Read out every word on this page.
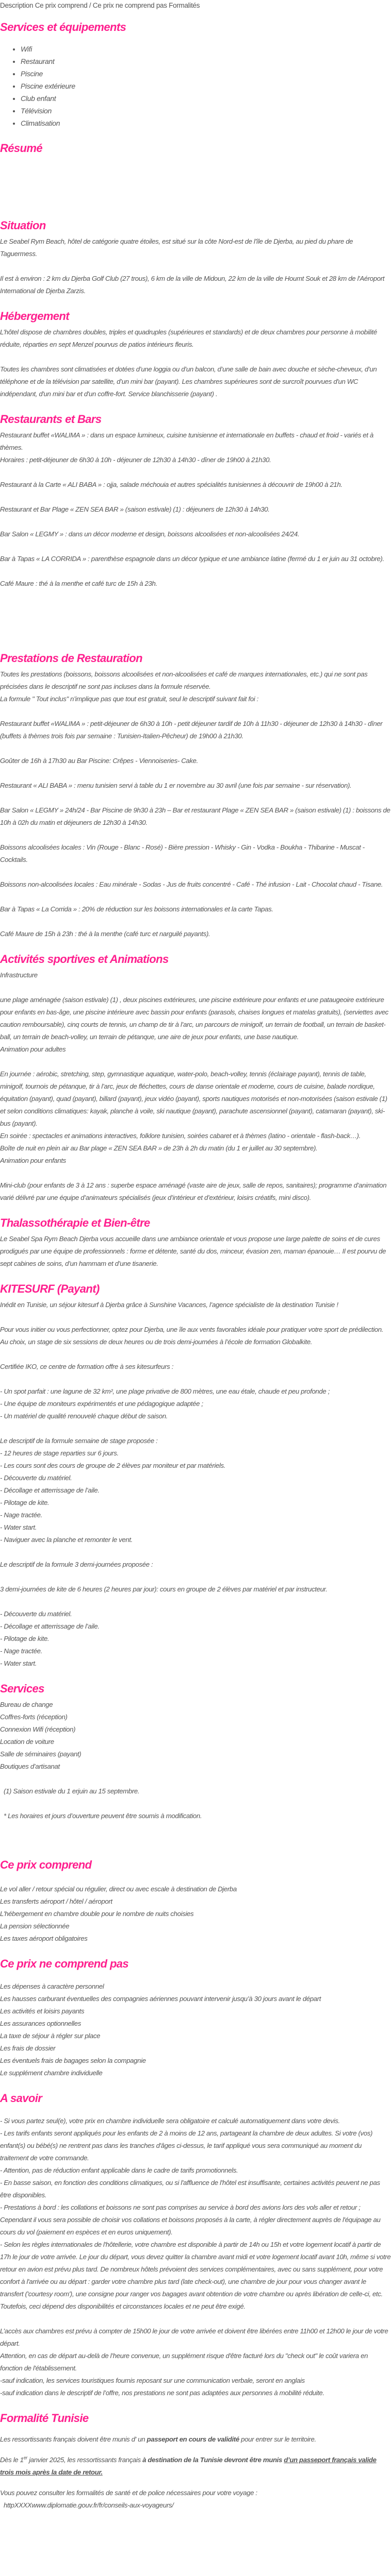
Description Ce prix comprend / Ce prix ne comprend pas Formalités
Services et équipements
• Wifi
• Restaurant
• Piscine
• Piscine extérieure
• Club enfant
• Télévision
• Climatisation
Résumé
Situation
Le Seabel Rym Beach, hôtel de catégorie quatre étoiles, est situé sur la côte Nord-est de l'île de Djerba, au pied du phare de Taguermess.
Il est à environ : 2 km du Djerba Golf Club (27 trous), 6 km de la ville de Midoun, 22 km de la ville de Houmt Souk et 28 km de l'Aéroport International de Djerba Zarzis.
Hébergement
L’hôtel dispose de chambres doubles, triples et quadruples (supérieures et standards) et de deux chambres pour personne à mobilité réduite, réparties en sept Menzel pourvus de patios intérieurs fleuris.
Toutes les chambres sont climatisées et dotées d’une loggia ou d’un balcon, d’une salle de bain avec douche et sèche-cheveux, d’un téléphone et de la télévision par satellite, d’un mini bar (payant). Les chambres supérieures sont de surcroît pourvues d'un WC indépendant, d'un mini bar et d'un coffre-fort. Service blanchisserie (payant) .
Restaurants et Bars
Restaurant buffet «WALIMA » : dans un espace lumineux, cuisine tunisienne et internationale en buffets - chaud et froid - variés et à thèmes.
Horaires : petit-déjeuner de 6h30 à 10h - déjeuner de 12h30 à 14h30 - dîner de 19h00 à 21h30.
Restaurant à la Carte « ALI BABA » : ojja, salade méchouia et autres spécialités tunisiennes à découvrir de 19h00 à 21h.
Restaurant et Bar Plage « ZEN SEA BAR » (saison estivale) (1) : déjeuners de 12h30 à 14h30.
Bar Salon « LEGMY » : dans un décor moderne et design, boissons alcoolisées et non-alcoolisées 24/24.
Bar à Tapas « LA CORRIDA » : parenthèse espagnole dans un décor typique et une ambiance latine (fermé du 1 er juin au 31 octobre).
Café Maure : thé à la menthe et café turc de 15h à 23h.
Prestations de Restauration
Toutes les prestations (boissons, boissons alcoolisées et non-alcoolisées et café de marques internationales, etc.) qui ne sont pas précisées dans le descriptif ne sont pas incluses dans la formule réservée.
La formule " Tout inclus" n’implique pas que tout est gratuit, seul le descriptif suivant fait foi :
Restaurant buffet «WALIMA » : petit-déjeuner de 6h30 à 10h - petit déjeuner tardif de 10h à 11h30 - déjeuner de 12h30 à 14h30 - dîner (buffets à thèmes trois fois par semaine : Tunisien-Italien-Pêcheur) de 19h00 à 21h30.
Goûter de 16h à 17h30 au Bar Piscine: Crêpes - Viennoiseries- Cake.
Restaurant « ALI BABA » : menu tunisien servi à table du 1 er novembre au 30 avril (une fois par semaine - sur réservation).
Bar Salon « LEGMY » 24h/24 - Bar Piscine de 9h30 à 23h – Bar et restaurant Plage « ZEN SEA BAR » (saison estivale) (1) : boissons de 10h à 02h du matin et déjeuners de 12h30 à 14h30.
Boissons alcoolisées locales : Vin (Rouge - Blanc - Rosé) - Bière pression - Whisky - Gin - Vodka - Boukha - Thibarine - Muscat - Cocktails.
Boissons non-alcoolisées locales : Eau minérale - Sodas - Jus de fruits concentré - Café - Thé infusion - Lait - Chocolat chaud - Tisane.
Bar à Tapas « La Corrida » : 20% de réduction sur les boissons internationales et la carte Tapas.
Café Maure de 15h à 23h : thé à la menthe (café turc et narguilé payants).
Activités sportives et Animations
Infrastructure
une plage aménagée (saison estivale) (1) , deux piscines extérieures, une piscine extérieure pour enfants et une pataugeoire extérieure pour enfants en bas-âge, une piscine intérieure avec bassin pour enfants (parasols, chaises longues et matelas gratuits), (serviettes avec caution remboursable), cinq courts de tennis, un champ de tir à l’arc, un parcours de minigolf, un terrain de football, un terrain de basket-ball, un terrain de beach-volley, un terrain de pétanque, une aire de jeux pour enfants, une base nautique.
Animation pour adultes
En journée : aérobic, stretching, step, gymnastique aquatique, water-polo, beach-volley, tennis (éclairage payant), tennis de table, minigolf, tournois de pétanque, tir à l’arc, jeux de fléchettes, cours de danse orientale et moderne, cours de cuisine, balade nordique, équitation (payant), quad (payant), billard (payant), jeux vidéo (payant), sports nautiques motorisés et non-motorisées (saison estivale (1) et selon conditions climatiques: kayak, planche à voile, ski nautique (payant), parachute ascensionnel (payant), catamaran (payant), ski-bus (payant).
En soirée : spectacles et animations interactives, folklore tunisien, soirées cabaret et à thèmes (latino - orientale - flash-back…).
Boîte de nuit en plein air au Bar plage « ZEN SEA BAR » de 23h à 2h du matin (du 1 er juillet au 30 septembre).
Animation pour enfants
Mini-club (pour enfants de 3 à 12 ans : superbe espace aménagé (vaste aire de jeux, salle de repos, sanitaires); programme d’animation varié délivré par une équipe d’animateurs spécialisés (jeux d’intérieur et d’extérieur, loisirs créatifs, mini disco).
Thalassothérapie et Bien-être
Le Seabel Spa Rym Beach Djerba vous accueille dans une ambiance orientale et vous propose une large palette de soins et de cures prodigués par une équipe de professionnels : forme et détente, santé du dos, minceur, évasion zen, maman épanouie… Il est pourvu de sept cabines de soins, d’un hammam et d’une tisanerie.
KITESURF (Payant)
Inédit en Tunisie, un séjour kitesurf à Djerba grâce à Sunshine Vacances, l’agence spécialiste de la destination Tunisie !
Pour vous initier ou vous perfectionner, optez pour Djerba, une île aux vents favorables idéale pour pratiquer votre sport de prédilection. Au choix, un stage de six sessions de deux heures ou de trois demi-journées à l’école de formation Globalkite.
Certifiée IKO, ce centre de formation offre à ses kitesurfeurs :
- Un spot parfait : une lagune de 32 km², une plage privative de 800 mètres, une eau étale, chaude et peu profonde ;
- Une équipe de moniteurs expérimentés et une pédagogique adaptée ;
- Un matériel de qualité renouvelé chaque début de saison.
Le descriptif de la formule semaine de stage proposée :
- 12 heures de stage reparties sur 6 jours.
- Les cours sont des cours de groupe de 2 élèves par moniteur et par matériels.
- Découverte du matériel.
- Décollage et atterrissage de l’aile.
- Pilotage de kite.
- Nage tractée.
- Water start.
- Naviguer avec la planche et remonter le vent.
Le descriptif de la formule 3 demi-journées proposée :
3 demi-journées de kite de 6 heures (2 heures par jour): cours en groupe de 2 élèves par matériel et par instructeur.
- Découverte du matériel.
- Décollage et atterrissage de l’aile.
- Pilotage de kite.
- Nage tractée.
- Water start.
Services
Bureau de change
Coffres-forts (réception)
Connexion Wifi (réception)
Location de voiture
Salle de séminaires (payant)
Boutiques d’artisanat
(1) Saison estivale du 1 erjuin au 15 septembre.
* Les horaires et jours d’ouverture peuvent être soumis à modification.
Ce prix comprend
Le vol aller / retour spécial ou régulier, direct ou avec escale à destination de Djerba
Les transferts aéroport / hôtel / aéroport
L'hébergement en chambre double pour le nombre de nuits choisies
La pension sélectionnée
Les taxes aéroport obligatoires
Ce prix ne comprend pas
Les dépenses à caractère personnel
Les hausses carburant éventuelles des compagnies aériennes pouvant intervenir jusqu’à 30 jours avant le départ
Les activités et loisirs payants
Les assurances optionnelles
La taxe de séjour à régler sur place
Les frais de dossier
Les éventuels frais de bagages selon la compagnie
Le supplément chambre individuelle
A savoir
- Si vous partez seul(e), votre prix en chambre individuelle sera obligatoire et calculé automatiquement dans votre devis.
- Les tarifs enfants seront appliqués pour les enfants de 2 à moins de 12 ans, partageant la chambre de deux adultes. Si votre (vos) enfant(s) ou bébé(s) ne rentrent pas dans les tranches d'âges ci-dessus, le tarif appliqué vous sera communiqué au moment du traitement de votre commande.
- Attention, pas de réduction enfant applicable dans le cadre de tarifs promotionnels.
- En basse saison, en fonction des conditions climatiques, ou si l'affluence de l'hôtel est insuffisante, certaines activités peuvent ne pas être disponibles.
- Prestations à bord : les collations et boissons ne sont pas comprises au service à bord des avions lors des vols aller et retour ; Cependant il vous sera possible de choisir vos collations et boissons proposés à la carte, à régler directement auprès de l'équipage au cours du vol (paiement en espèces et en euros uniquement).
- Selon les règles internationales de l'hôtellerie, votre chambre est disponible à partir de 14h ou 15h et votre logement locatif à partir de 17h le jour de votre arrivée. Le jour du départ, vous devez quitter la chambre avant midi et votre logement locatif avant 10h, même si votre retour en avion est prévu plus tard. De nombreux hôtels prévoient des services complémentaires, avec ou sans supplément, pour votre confort à l'arrivée ou au départ : garder votre chambre plus tard (late check-out), une chambre de jour pour vous changer avant le transfert ('courtesy room'), une consigne pour ranger vos bagages avant obtention de votre chambre ou après libération de celle-ci, etc. Toutefois, ceci dépend des disponibilités et circonstances locales et ne peut être exigé.
L’accès aux chambres est prévu à compter de 15h00 le jour de votre arrivée et doivent être libérées entre 11h00 et 12h00 le jour de votre départ.
Attention, en cas de départ au-delà de l’heure convenue, un supplément risque d'être facturé lors du "check out" le coût variera en fonction de l'établissement.
-sauf indication, les services touristiques fournis reposant sur une communication verbale, seront en anglais
-sauf indication dans le descriptif de l’offre, nos prestations ne sont pas adaptées aux personnes à mobilité réduite.
Formalité Tunisie

Les ressortissants français doivent être munis d' un passeport en cours de validité pour entrer sur le territoire.

Dès le 1er janvier 2025, les ressortissants français à destination de la Tunisie devront être munis d’un passeport français valide trois mois après la date de retour.

Vous pouvez consulter les formalités de santé et de police nécessaires pour votre voyage :
httpXXXXwww.diplomatie.gouv.fr/fr/conseils-aux-voyageurs/
